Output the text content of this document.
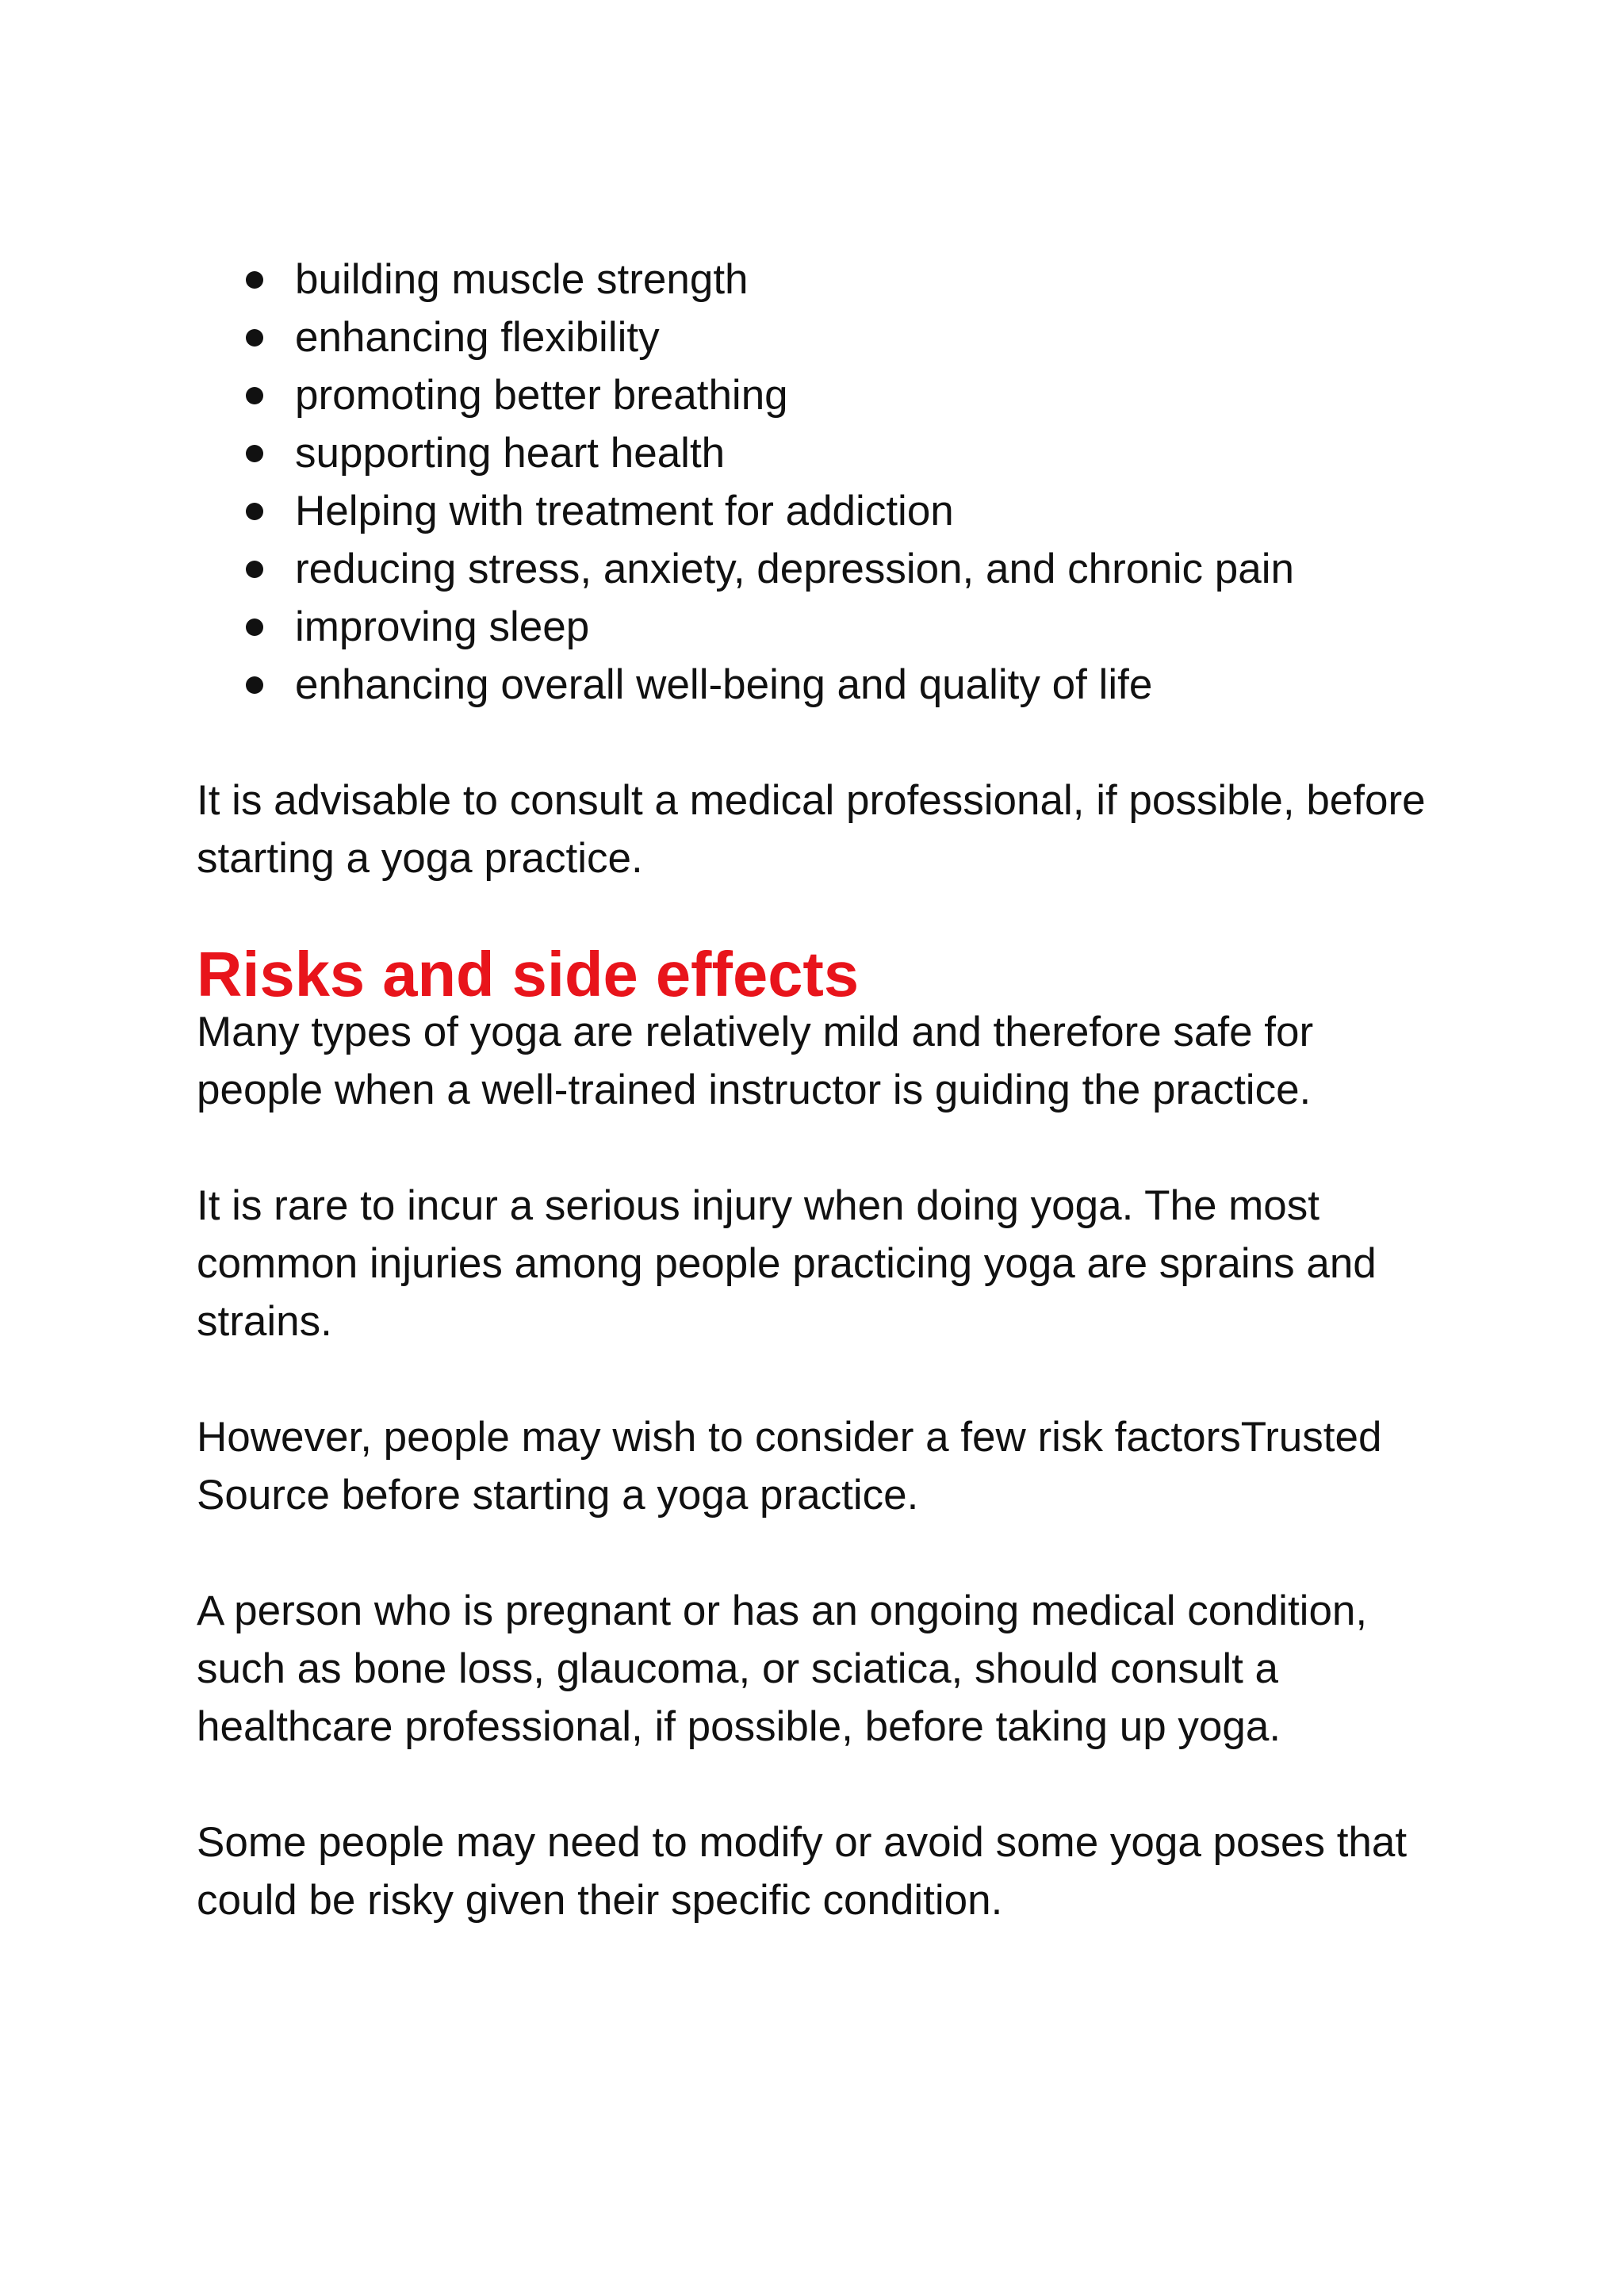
building muscle strength
enhancing flexibility
promoting better breathing
supporting heart health
Helping with treatment for addiction
reducing stress, anxiety, depression, and chronic pain
improving sleep
enhancing overall well-being and quality of life

It is advisable to consult a medical professional, if possible, before starting a yoga practice.

Risks and side effects

Many types of yoga are relatively mild and therefore safe for people when a well-trained instructor is guiding the practice.

It is rare to incur a serious injury when doing yoga. The most common injuries among people practicing yoga are sprains and strains.

However, people may wish to consider a few risk factorsTrusted Source before starting a yoga practice.

A person who is pregnant or has an ongoing medical condition, such as bone loss, glaucoma, or sciatica, should consult a healthcare professional, if possible, before taking up yoga.

Some people may need to modify or avoid some yoga poses that could be risky given their specific condition.
